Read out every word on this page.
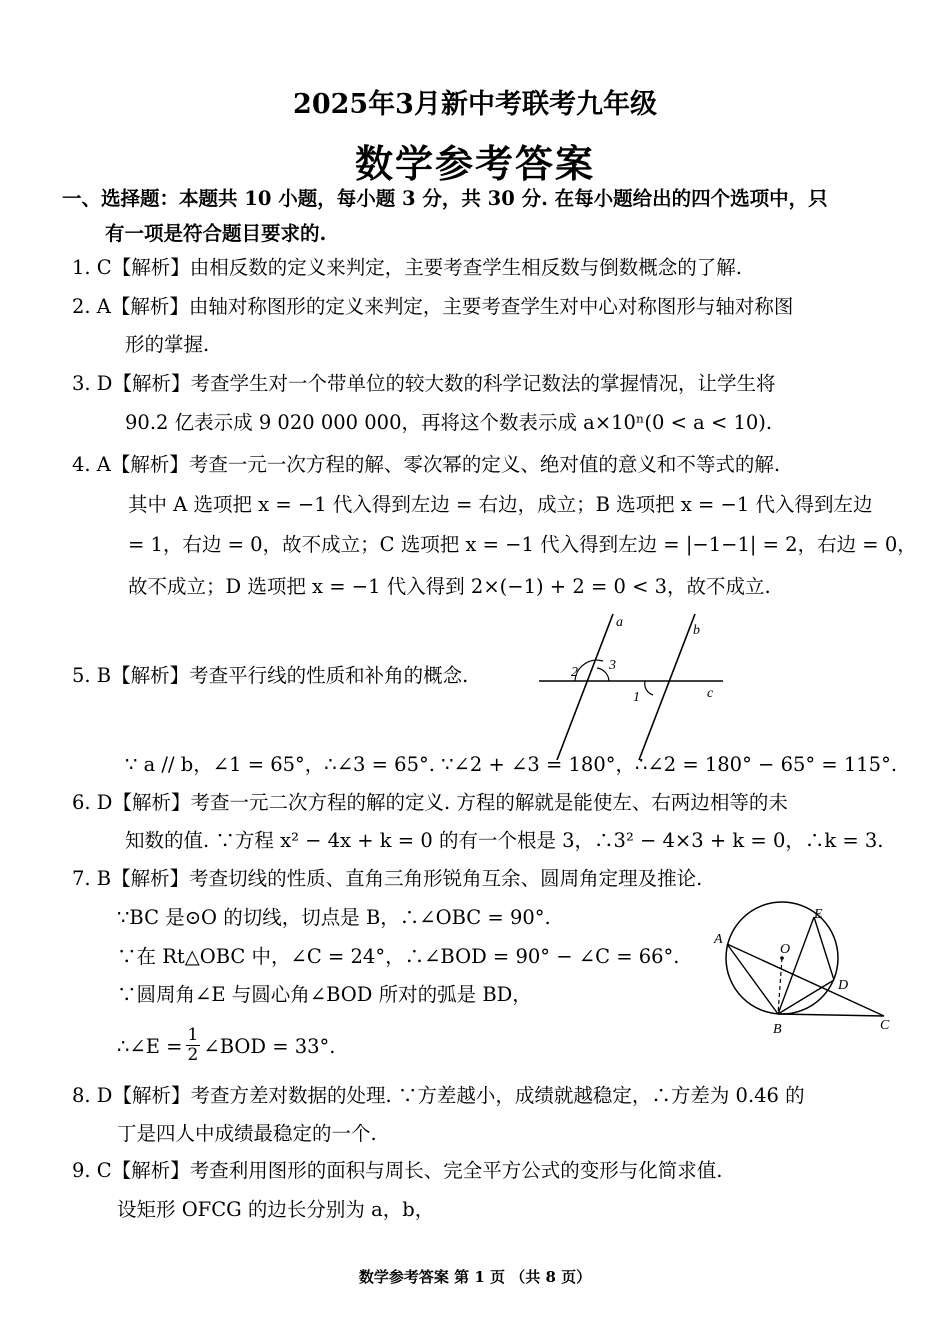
2025年3月新中考联考九年级
数学参考答案
一、选择题：本题共 10 小题，每小题 3 分，共 30 分. 在每小题给出的四个选项中，只
有一项是符合题目要求的.
1. C【解析】由相反数的定义来判定，主要考查学生相反数与倒数概念的了解.
2. A【解析】由轴对称图形的定义来判定，主要考查学生对中心对称图形与轴对称图
形的掌握.
3. D【解析】考查学生对一个带单位的较大数的科学记数法的掌握情况，让学生将
90.2 亿表示成 9 020 000 000，再将这个数表示成 a×10ⁿ(0 < a < 10).
4. A【解析】考查一元一次方程的解、零次幂的定义、绝对值的意义和不等式的解.
其中 A 选项把 x = −1 代入得到左边 = 右边，成立；B 选项把 x = −1 代入得到左边
= 1，右边 = 0，故不成立；C 选项把 x = −1 代入得到左边 = |−1−1| = 2，右边 = 0，
故不成立；D 选项把 x = −1 代入得到 2×(−1) + 2 = 0 < 3，故不成立.
5. B【解析】考查平行线的性质和补角的概念.
a
b
c
1
2 3
∵ a // b，∠1 = 65°，∴∠3 = 65°. ∵∠2 + ∠3 = 180°，∴∠2 = 180° − 65° = 115°.
6. D【解析】考查一元二次方程的解的定义. 方程的解就是能使左、右两边相等的未
知数的值. ∵方程 x² − 4x + k = 0 的有一个根是 3，∴3² − 4×3 + k = 0，∴k = 3.
7. B【解析】考查切线的性质、直角三角形锐角互余、圆周角定理及推论.
∵BC 是⊙O 的切线，切点是 B，∴∠OBC = 90°.
∵在 Rt△OBC 中，∠C = 24°，∴∠BOD = 90° − ∠C = 66°.
∵圆周角∠E 与圆心角∠BOD 所对的弧是 BD，
∴∠E = $\frac{1}{2}$ ∠BOD = 33°.
A
B	C
D
E
O
8. D【解析】考查方差对数据的处理. ∵方差越小，成绩就越稳定，∴方差为 0.46 的
丁是四人中成绩最稳定的一个.
9. C【解析】考查利用图形的面积与周长、完全平方公式的变形与化简求值.
设矩形 OFCG 的边长分别为 a，b，
数学参考答案 第 1 页 （共 8 页）
